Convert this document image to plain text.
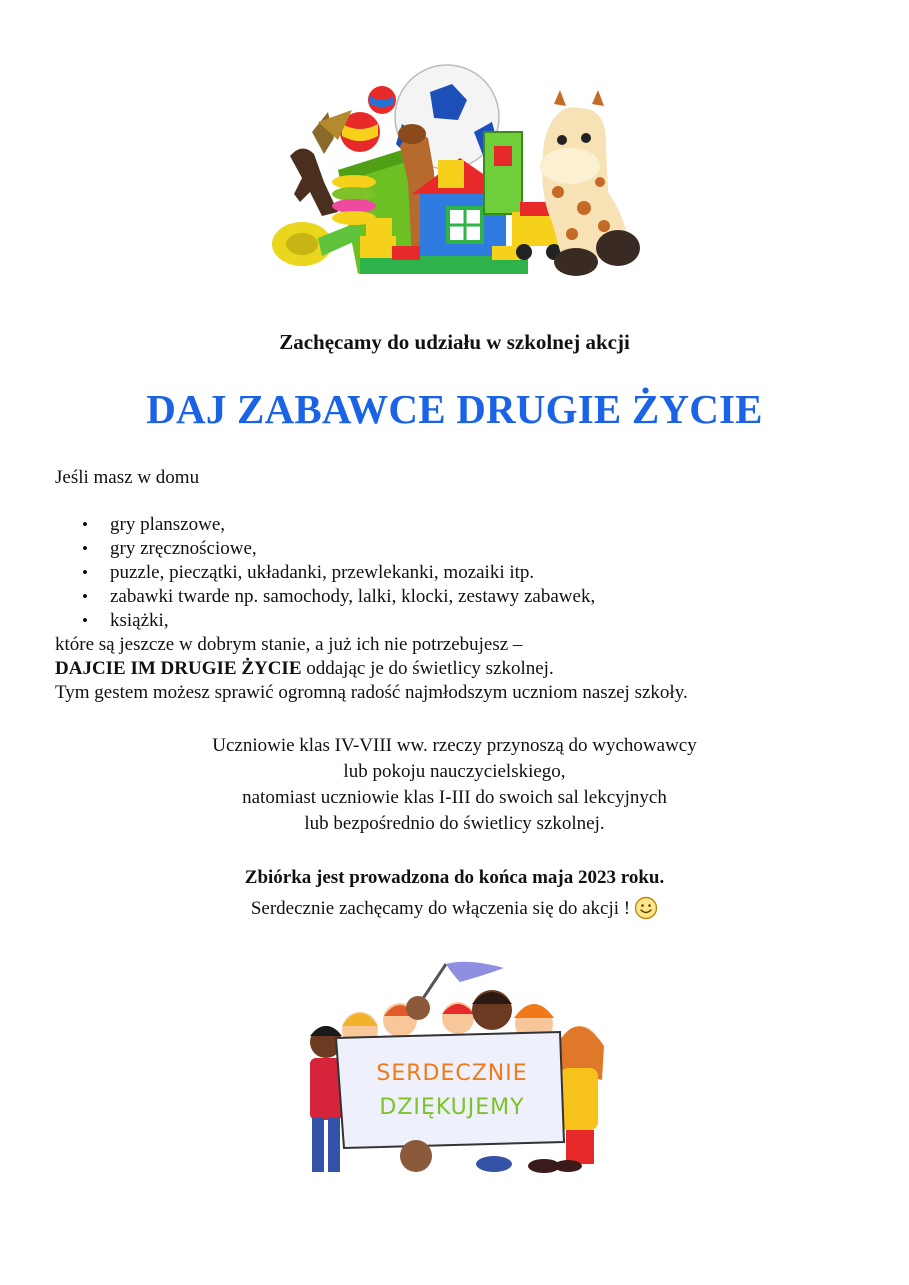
Zachęcamy do udziału w szkolnej akcji
DAJ ZABAWCE DRUGIE ŻYCIE
Jeśli masz w domu
• gry planszowe,
• gry zręcznościowe,
• puzzle, pieczątki, układanki, przewlekanki, mozaiki itp.
• zabawki twarde np. samochody, lalki, klocki, zestawy zabawek,
• książki,
które są jeszcze w dobrym stanie, a już ich nie potrzebujesz –
DAJCIE IM DRUGIE ŻYCIE oddając je do świetlicy szkolnej.
Tym gestem możesz sprawić ogromną radość najmłodszym uczniom naszej szkoły.
Uczniowie klas IV-VIII ww. rzeczy przynoszą do wychowawcy
lub pokoju nauczycielskiego,
natomiast uczniowie klas I-III do swoich sal lekcyjnych
lub bezpośrednio do świetlicy szkolnej.
Zbiórka jest prowadzona do końca maja 2023 roku.
Serdecznie zachęcamy do włączenia się do akcji !
SERDECZNIE
DZIĘKUJEMY
